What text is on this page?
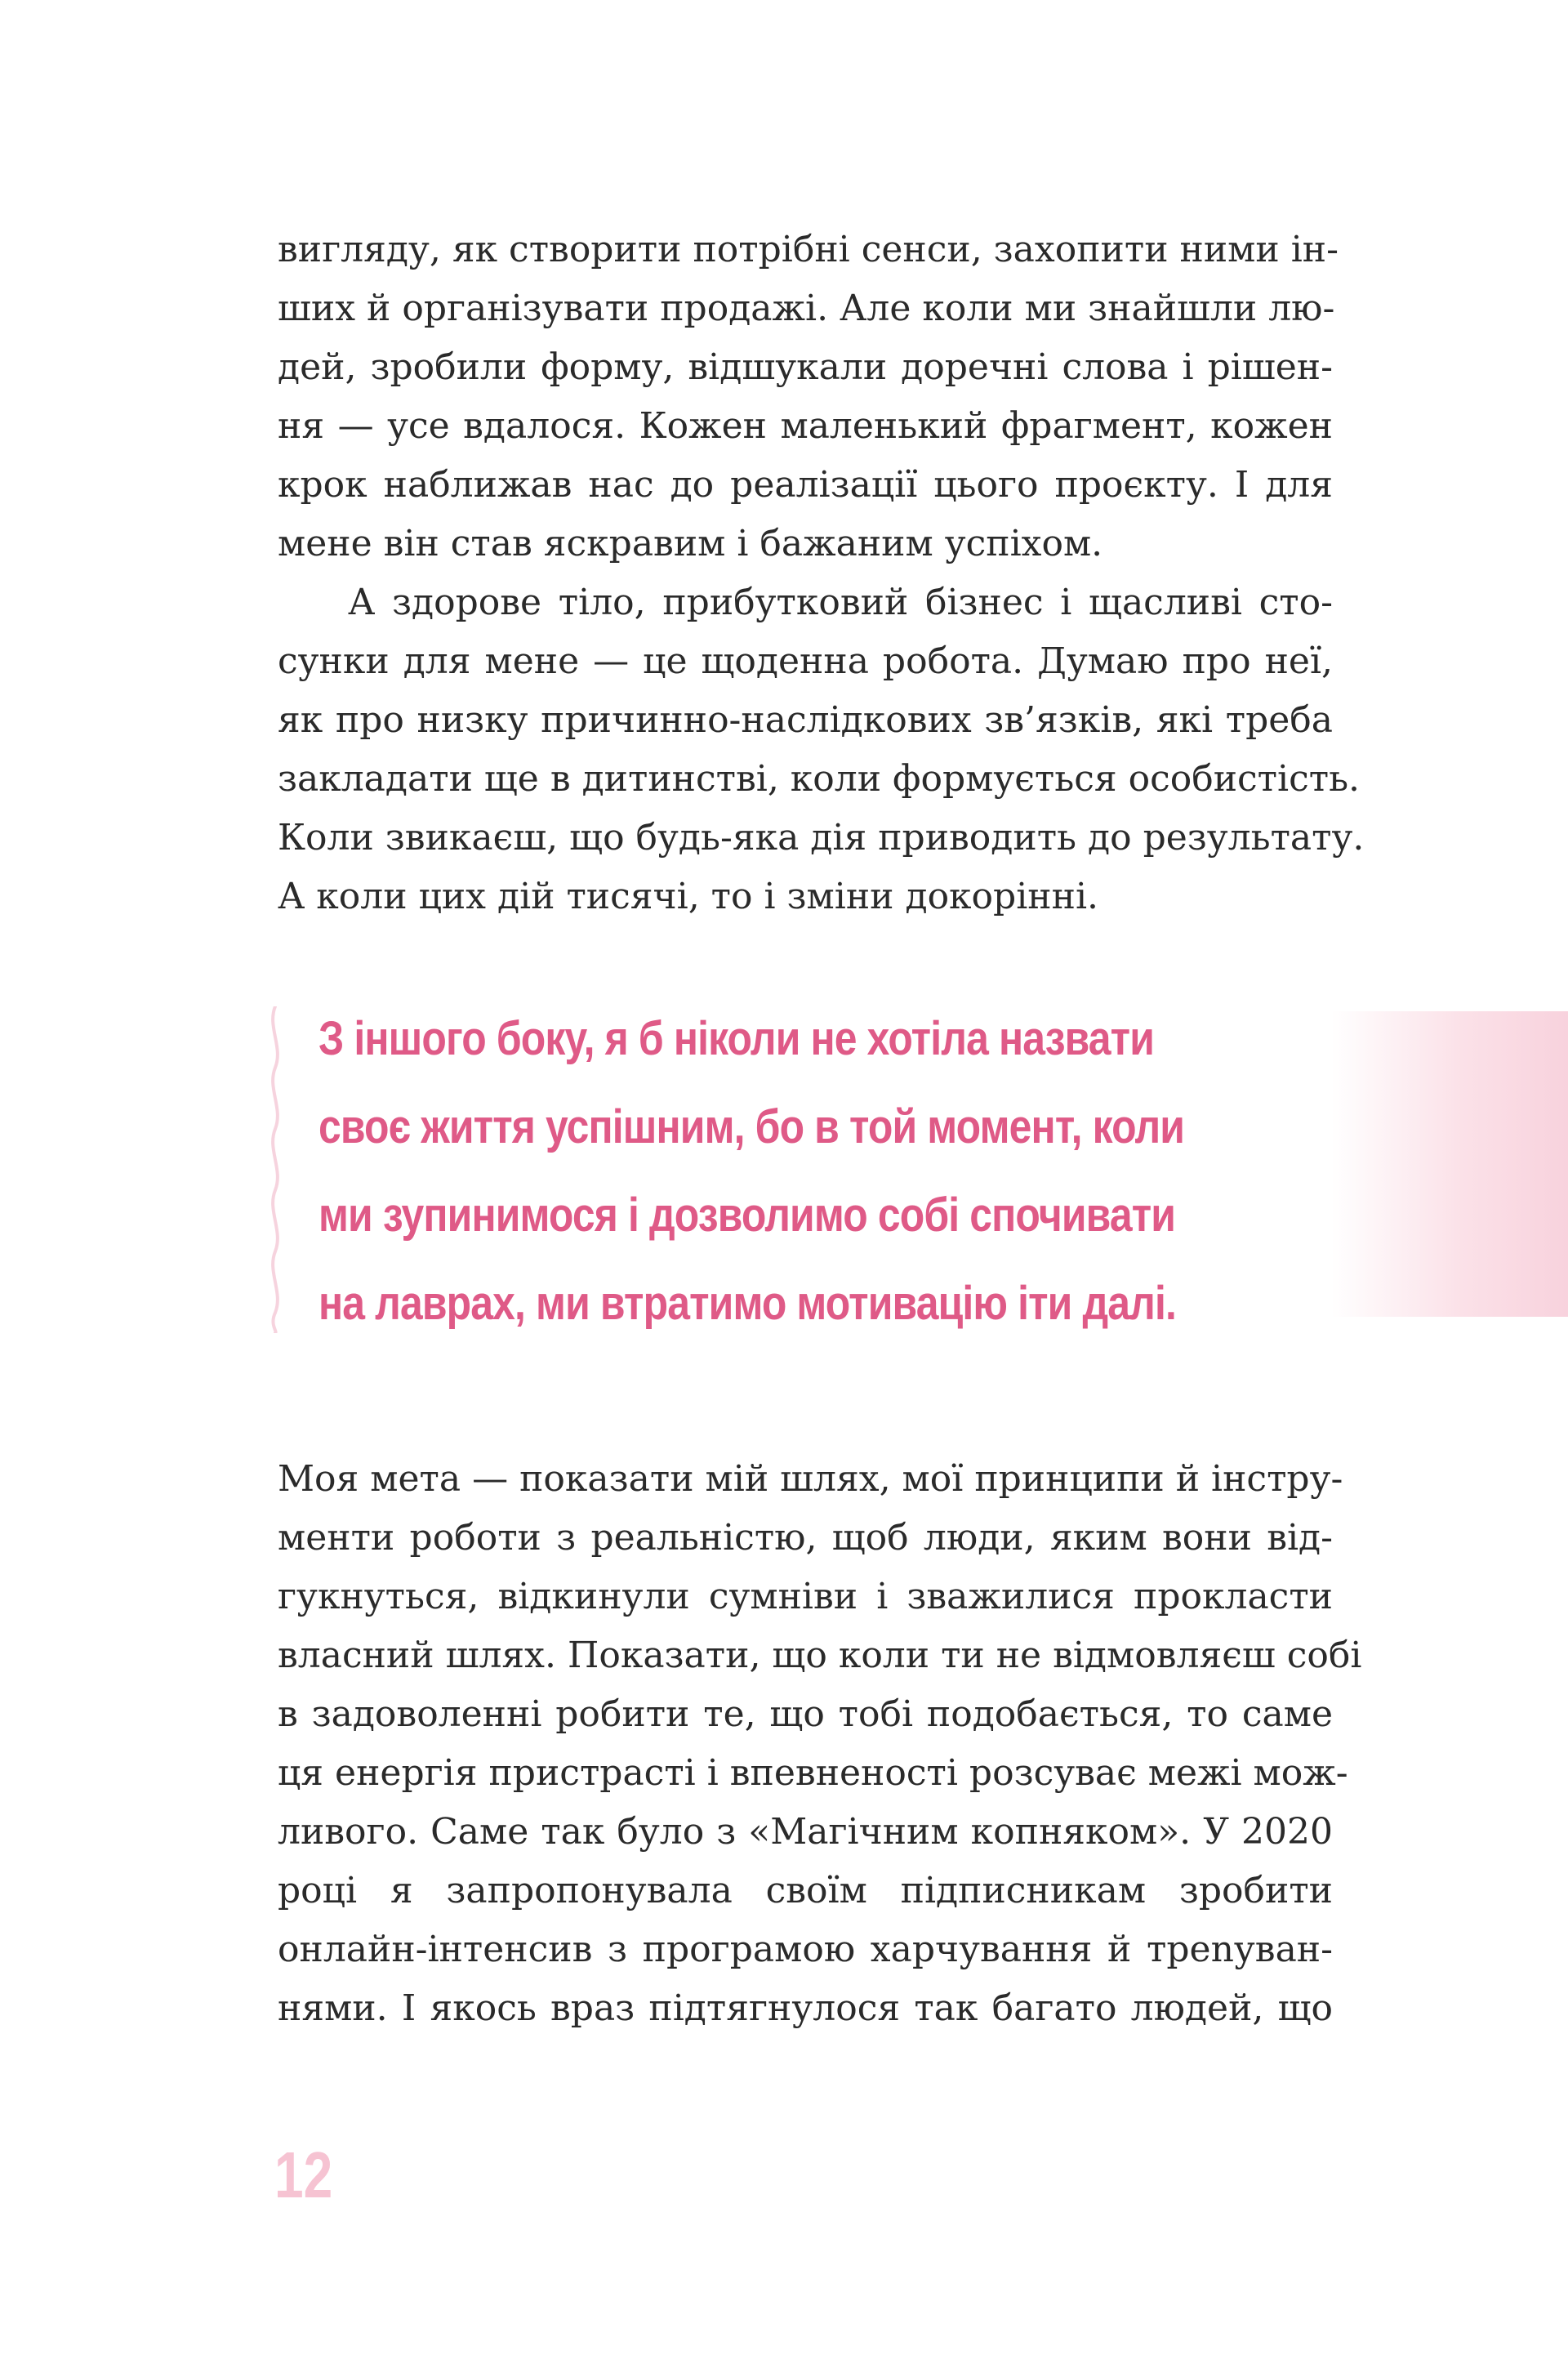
вигляду, як створити потрібні сенси, захопити ними ін-
ших й організувати продажі. Але коли ми знайшли лю-
дей, зробили форму, відшукали доречні слова і рішен-
ня — усе вдалося. Кожен маленький фрагмент, кожен
крок наближав нас до реалізації цього проєкту. І для
мене він став яскравим і бажаним успіхом.
А здорове тіло, прибутковий бізнес і щасливі сто-
сунки для мене — це щоденна робота. Думаю про неї,
як про низку причинно-наслідкових зв’язків, які треба
закладати ще в дитинстві, коли формується особистість.
Коли звикаєш, що будь-яка дія приводить до результату.
А коли цих дій тисячі, то і зміни докорінні.
З іншого боку, я б ніколи не хотіла назвати
своє життя успішним, бо в той момент, коли
ми зупинимося і дозволимо собі спочивати
на лаврах, ми втратимо мотивацію іти далі.
Моя мета — показати мій шлях, мої принципи й інстру-
менти роботи з реальністю, щоб люди, яким вони від-
гукнуться, відкинули сумніви і зважилися прокласти
власний шлях. Показати, що коли ти не відмовляєш собі
в задоволенні робити те, що тобі подобається, то саме
ця енергія пристрасті і впевненості розсуває межі мож-
ливого. Саме так було з «Магічним копняком». У 2020
році я запропонувала своїм підписникам зробити
онлайн-інтенсив з програмою харчування й трenуван-
нями. І якось враз підтягнулося так багато людей, що
12
